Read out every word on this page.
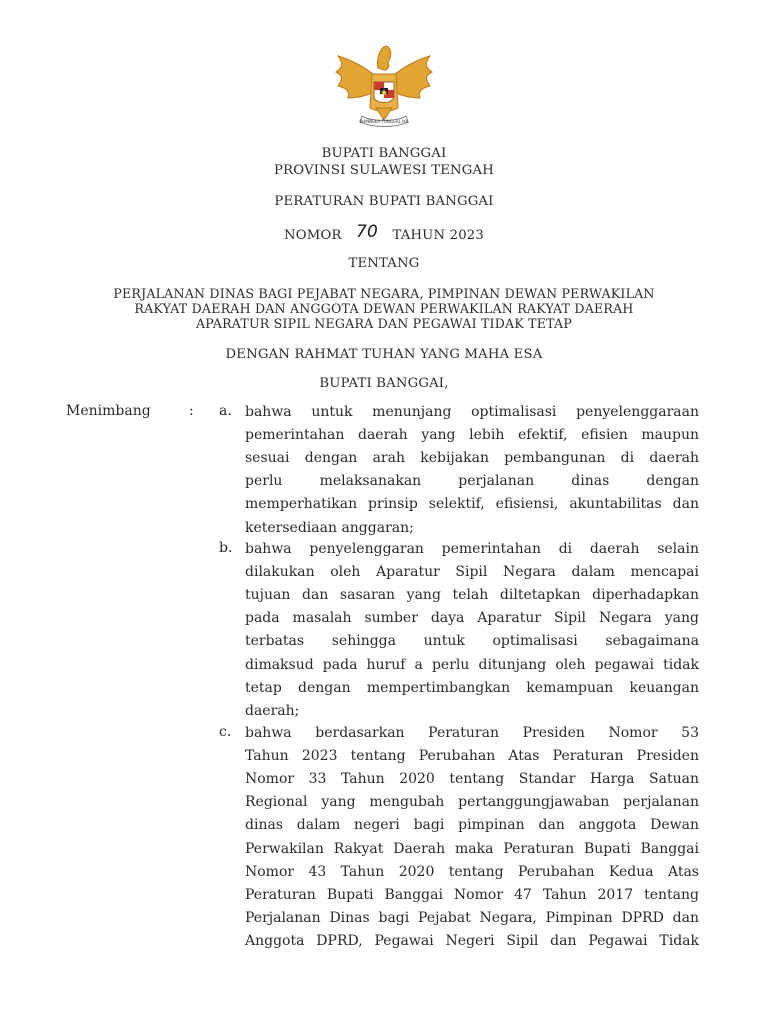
BHINNEKA TUNGGAL IKA
BUPATI BANGGAI
PROVINSI SULAWESI TENGAH
PERATURAN BUPATI BANGGAI
NOMOR 70 TAHUN 2023
TENTANG
PERJALANAN DINAS BAGI PEJABAT NEGARA, PIMPINAN DEWAN PERWAKILAN
RAKYAT DAERAH DAN ANGGOTA DEWAN PERWAKILAN RAKYAT DAERAH
APARATUR SIPIL NEGARA DAN PEGAWAI TIDAK TETAP
DENGAN RAHMAT TUHAN YANG MAHA ESA
BUPATI BANGGAI,
Menimbang	: a. bahwa untuk menunjang optimalisasi penyelenggaraan
pemerintahan daerah yang lebih efektif, efisien maupun
sesuai dengan arah kebijakan pembangunan di daerah
perlu melaksanakan perjalanan dinas dengan
memperhatikan prinsip selektif, efisiensi, akuntabilitas dan
ketersediaan anggaran;
b. bahwa penyelenggaran pemerintahan di daerah selain
dilakukan oleh Aparatur Sipil Negara dalam mencapai
tujuan dan sasaran yang telah diltetapkan diperhadapkan
pada masalah sumber daya Aparatur Sipil Negara yang
terbatas sehingga untuk optimalisasi sebagaimana
dimaksud pada huruf a perlu ditunjang oleh pegawai tidak
tetap dengan mempertimbangkan kemampuan keuangan
daerah;
c. bahwa berdasarkan Peraturan Presiden Nomor 53
Tahun 2023 tentang Perubahan Atas Peraturan Presiden
Nomor 33 Tahun 2020 tentang Standar Harga Satuan
Regional yang mengubah pertanggungjawaban perjalanan
dinas dalam negeri bagi pimpinan dan anggota Dewan
Perwakilan Rakyat Daerah maka Peraturan Bupati Banggai
Nomor 43 Tahun 2020 tentang Perubahan Kedua Atas
Peraturan Bupati Banggai Nomor 47 Tahun 2017 tentang
Perjalanan Dinas bagi Pejabat Negara, Pimpinan DPRD dan
Anggota DPRD, Pegawai Negeri Sipil dan Pegawai Tidak
